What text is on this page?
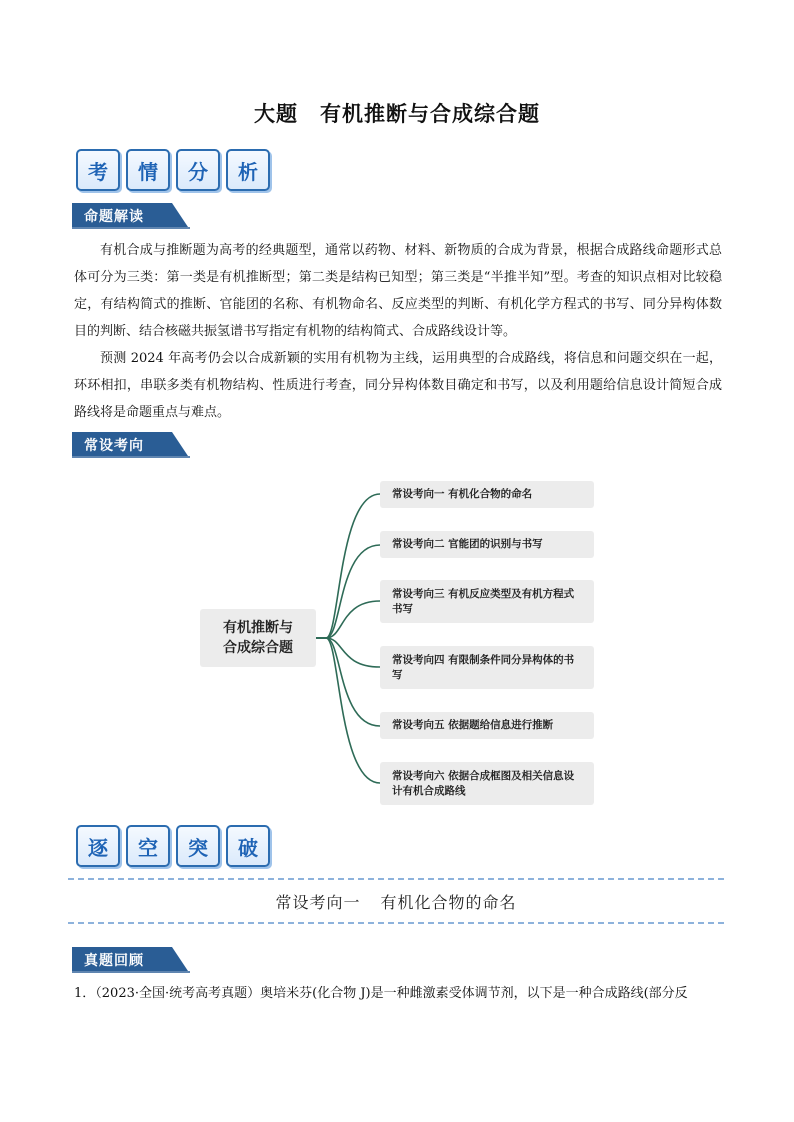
大题 有机推断与合成综合题
考	情	分	析
命题解读
有机合成与推断题为高考的经典题型，通常以药物、材料、新物质的合成为背景，根据合成路线命题形式总体可分为三类：第一类是有机推断型；第二类是结构已知型；第三类是“半推半知”型。考查的知识点相对比较稳定，有结构简式的推断、官能团的名称、有机物命名、反应类型的判断、有机化学方程式的书写、同分异构体数目的判断、结合核磁共振氢谱书写指定有机物的结构简式、合成路线设计等。
预测 2024 年高考仍会以合成新颖的实用有机物为主线，运用典型的合成路线，将信息和问题交织在一起，环环相扣，串联多类有机物结构、性质进行考查，同分异构体数目确定和书写，以及利用题给信息设计简短合成路线将是命题重点与难点。
常设考向
有机推断与合成综合题
常设考向一 有机化合物的命名
常设考向二 官能团的识别与书写
常设考向三 有机反应类型及有机方程式书写
常设考向四 有限制条件同分异构体的书写
常设考向五 依据题给信息进行推断
常设考向六 依据合成框图及相关信息设计有机合成路线
逐	空	突	破
常设考向一 有机化合物的命名
真题回顾
1．（2023·全国·统考高考真题）奥培米芬(化合物 J)是一种雌激素受体调节剂，以下是一种合成路线(部分反
